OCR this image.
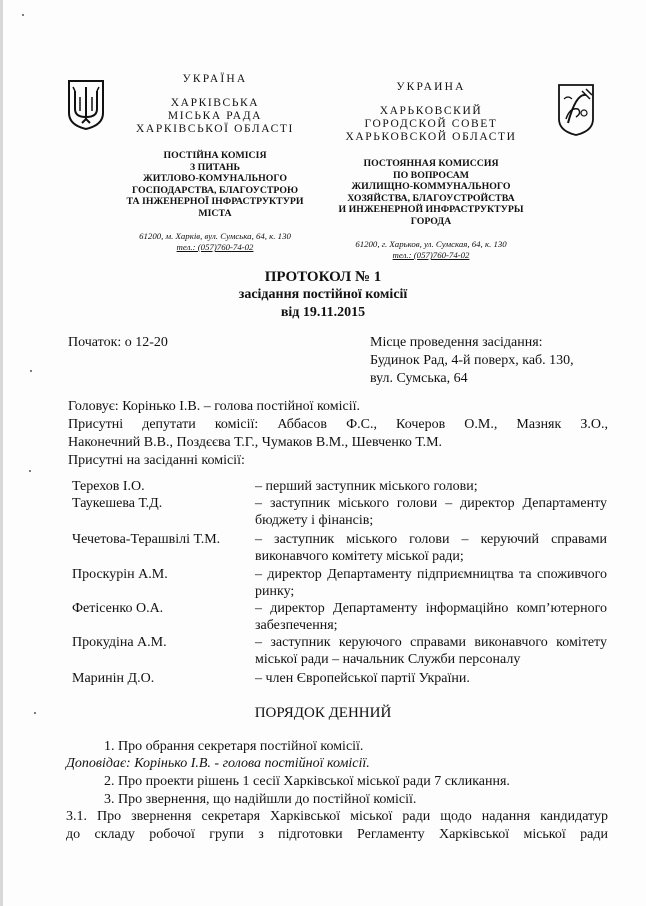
УКРАЇНА
ХАРКІВСЬКА
МІСЬКА РАДА
ХАРКІВСЬКОЇ ОБЛАСТІ
ПОСТІЙНА КОМІСІЯ
З ПИТАНЬ
ЖИТЛОВО-КОМУНАЛЬНОГО
ГОСПОДАРСТВА, БЛАГОУСТРОЮ
ТА ІНЖЕНЕРНОЇ ІНФРАСТРУКТУРИ
МІСТА
61200, м. Харків, вул. Сумська, 64, к. 130
тел.: (057)760-74-02
УКРАИНА
ХАРЬКОВСКИЙ
ГОРОДСКОЙ СОВЕТ
ХАРЬКОВСКОЙ ОБЛАСТИ
ПОСТОЯННАЯ КОМИССИЯ
ПО ВОПРОСАМ
ЖИЛИЩНО-КОММУНАЛЬНОГО
ХОЗЯЙСТВА, БЛАГОУСТРОЙСТВА
И ИНЖЕНЕРНОЙ ИНФРАСТРУКТУРЫ
ГОРОДА
61200, г. Харьков, ул. Сумская, 64, к. 130
тел.: (057)760-74-02
ПРОТОКОЛ № 1
засідання постійної комісії
від 19.11.2015
Початок: о 12-20	Місце проведення засідання:
Будинок Рад, 4-й поверх, каб. 130,
вул. Сумська, 64
Головує: Корінько І.В. – голова постійної комісії.
Присутні депутати комісії: Аббасов Ф.С., Кочеров О.М., Мазняк З.О.,
Наконечний В.В., Поздєєва Т.Г., Чумаков В.М., Шевченко Т.М.
Присутні на засіданні комісії:
Терехов І.О.	– перший заступник міського голови;
Таукешева Т.Д.	– заступник міського голови – директор Департаменту бюджету і фінансів;
Чечетова-Терашвілі Т.М. – заступник міського голови – керуючий справами виконавчого комітету міської ради;
Проскурін А.М.	– директор Департаменту підприємництва та споживчого ринку;
Фетісенко О.А.	– директор Департаменту інформаційно комп’ютерного забезпечення;
Прокудіна А.М.	– заступник керуючого справами виконавчого комітету міської ради – начальник Служби персоналу
Маринін Д.О.	– член Європейської партії України.
ПОРЯДОК ДЕННИЙ
1. Про обрання секретаря постійної комісії.
Доповідає: Корінько І.В. - голова постійної комісії.
2. Про проекти рішень 1 сесії Харківської міської ради 7 скликання.
3. Про звернення, що надійшли до постійної комісії.
3.1. Про звернення секретаря Харківської міської ради щодо надання кандидатур
до складу робочої групи з підготовки Регламенту Харківської міської ради
